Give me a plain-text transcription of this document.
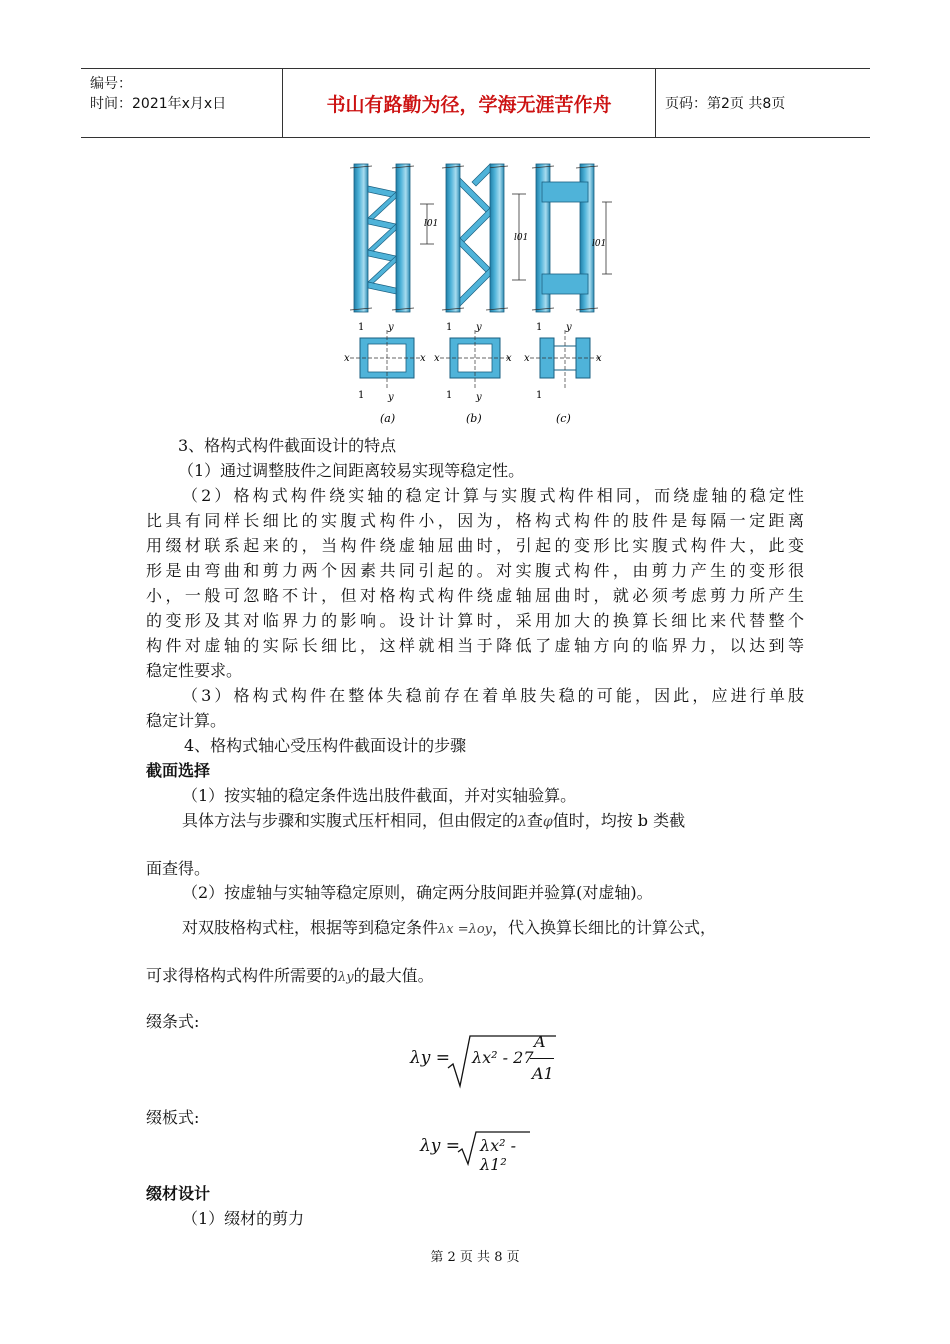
编号：
时间：2021年x月x日	书山有路勤为径，学海无涯苦作舟	页码：第2页 共8页
l01
l01
l01
x	x
y
y
1
1
(a)
x	x
y
y
1
1
(b)
x	x
y
1
1
(c)
3、格构式构件截面设计的特点
（1）通过调整肢件之间距离较易实现等稳定性。
（2）格构式构件绕实轴的稳定计算与实腹式构件相同，而绕虚轴的稳定性
比具有同样长细比的实腹式构件小，因为，格构式构件的肢件是每隔一定距离
用缀材联系起来的，当构件绕虚轴屈曲时，引起的变形比实腹式构件大，此变
形是由弯曲和剪力两个因素共同引起的。对实腹式构件，由剪力产生的变形很
小，一般可忽略不计，但对格构式构件绕虚轴屈曲时，就必须考虑剪力所产生
的变形及其对临界力的影响。设计计算时，采用加大的换算长细比来代替整个
构件对虚轴的实际长细比，这样就相当于降低了虚轴方向的临界力，以达到等
稳定性要求。
（3）格构式构件在整体失稳前存在着单肢失稳的可能，因此，应进行单肢
稳定计算。
4、格构式轴心受压构件截面设计的步骤
截面选择
（1）按实轴的稳定条件选出肢件截面，并对实轴验算。
具体方法与步骤和实腹式压杆相同，但由假定的λ查φ值时，均按 b 类截
面查得。
（2）按虚轴与实轴等稳定原则，确定两分肢间距并验算(对虚轴)。
对双肢格构式柱，根据等到稳定条件λx =λoy，代入换算长细比的计算公式，
可求得格构式构件所需要的λy的最大值。
缀条式:
λy = λx² - 27
A
A1
缀板式:
λy = λx² - λ1²
缀材设计
（1）缀材的剪力
第 2 页 共 8 页
